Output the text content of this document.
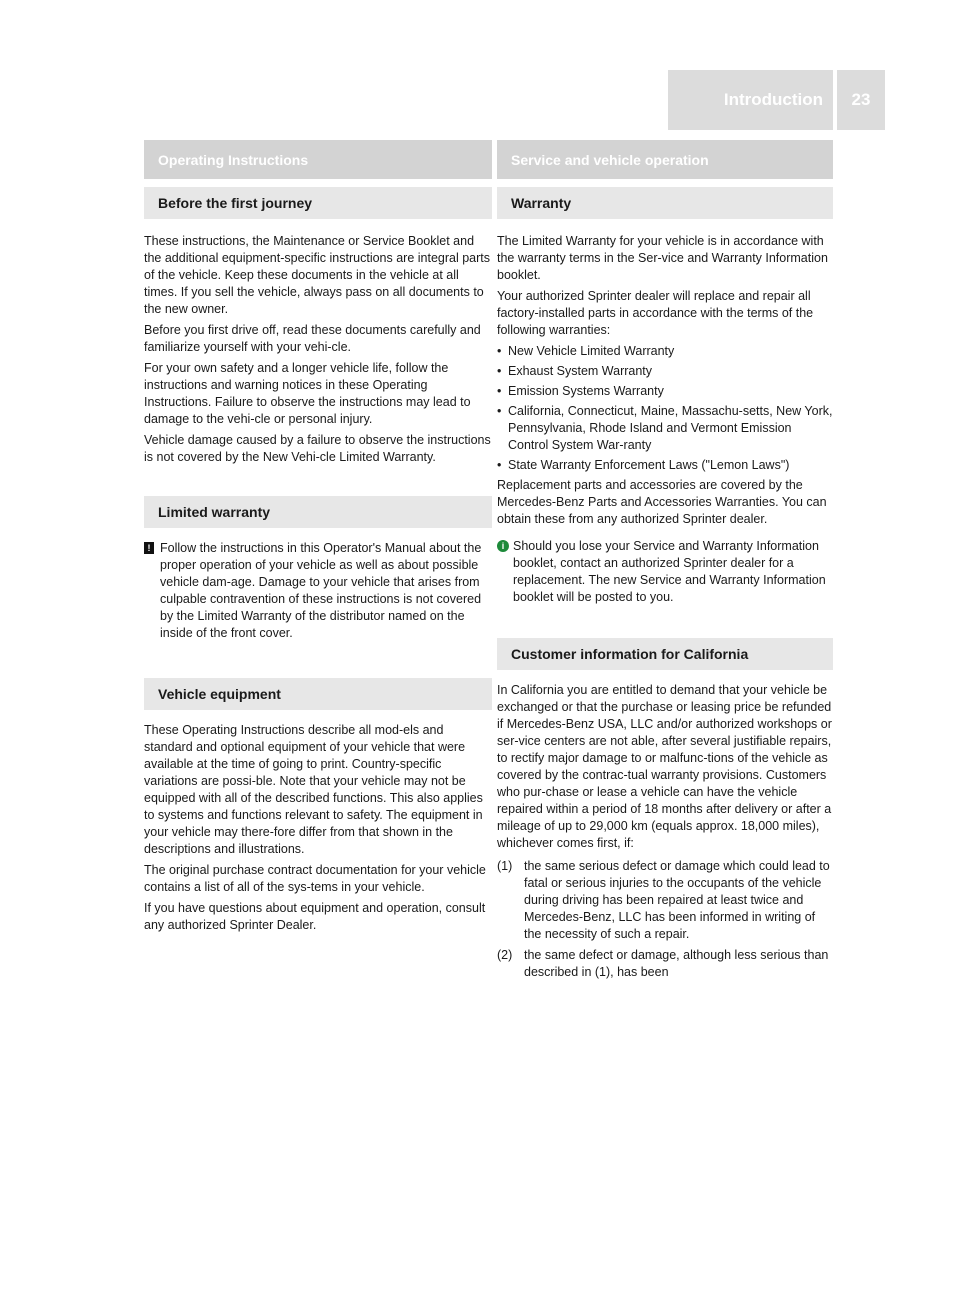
Introduction	23
Operating Instructions
Before the first journey

These instructions, the Maintenance or Service Booklet and the additional equipment-specific instructions are integral parts of the vehicle. Keep these documents in the vehicle at all times. If you sell the vehicle, always pass on all documents to the new owner.

Before you first drive off, read these documents carefully and familiarize yourself with your vehi-cle.

For your own safety and a longer vehicle life, follow the instructions and warning notices in these Operating Instructions. Failure to observe the instructions may lead to damage to the vehi-cle or personal injury.

Vehicle damage caused by a failure to observe the instructions is not covered by the New Vehi-cle Limited Warranty.

Limited warranty
! Follow the instructions in this Operator's Manual about the proper operation of your vehicle as well as about possible vehicle dam-age. Damage to your vehicle that arises from culpable contravention of these instructions is not covered by the Limited Warranty of the distributor named on the inside of the front cover.
Vehicle equipment

These Operating Instructions describe all mod-els and standard and optional equipment of your vehicle that were available at the time of going to print. Country-specific variations are possi-ble. Note that your vehicle may not be equipped with all of the described functions. This also applies to systems and functions relevant to safety. The equipment in your vehicle may there-fore differ from that shown in the descriptions and illustrations.

The original purchase contract documentation for your vehicle contains a list of all of the sys-tems in your vehicle.

If you have questions about equipment and operation, consult any authorized Sprinter Dealer.

Service and vehicle operation
Warranty

The Limited Warranty for your vehicle is in accordance with the warranty terms in the Ser-vice and Warranty Information booklet.

Your authorized Sprinter dealer will replace and repair all factory-installed parts in accordance with the terms of the following warranties:

• New Vehicle Limited Warranty
• Exhaust System Warranty
• Emission Systems Warranty
• California, Connecticut, Maine, Massachu-setts, New York, Pennsylvania, Rhode Island and Vermont Emission Control System War-ranty
• State Warranty Enforcement Laws ("Lemon Laws")

Replacement parts and accessories are covered by the Mercedes-Benz Parts and Accessories Warranties. You can obtain these from any authorized Sprinter dealer.

i Should you lose your Service and Warranty Information booklet, contact an authorized Sprinter dealer for a replacement. The new Service and Warranty Information booklet will be posted to you.
Customer information for California

In California you are entitled to demand that your vehicle be exchanged or that the purchase or leasing price be refunded if Mercedes-Benz USA, LLC and/or authorized workshops or ser-vice centers are not able, after several justifiable repairs, to rectify major damage to or malfunc-tions of the vehicle as covered by the contrac-tual warranty provisions. Customers who pur-chase or lease a vehicle can have the vehicle repaired within a period of 18 months after delivery or after a mileage of up to 29,000 km (equals approx. 18,000 miles), whichever comes first, if:

(1) the same serious defect or damage which could lead to fatal or serious injuries to the occupants of the vehicle during driving has been repaired at least twice and Mercedes-Benz, LLC has been informed in writing of the necessity of such a repair.
(2) the same defect or damage, although less serious than described in (1), has been
